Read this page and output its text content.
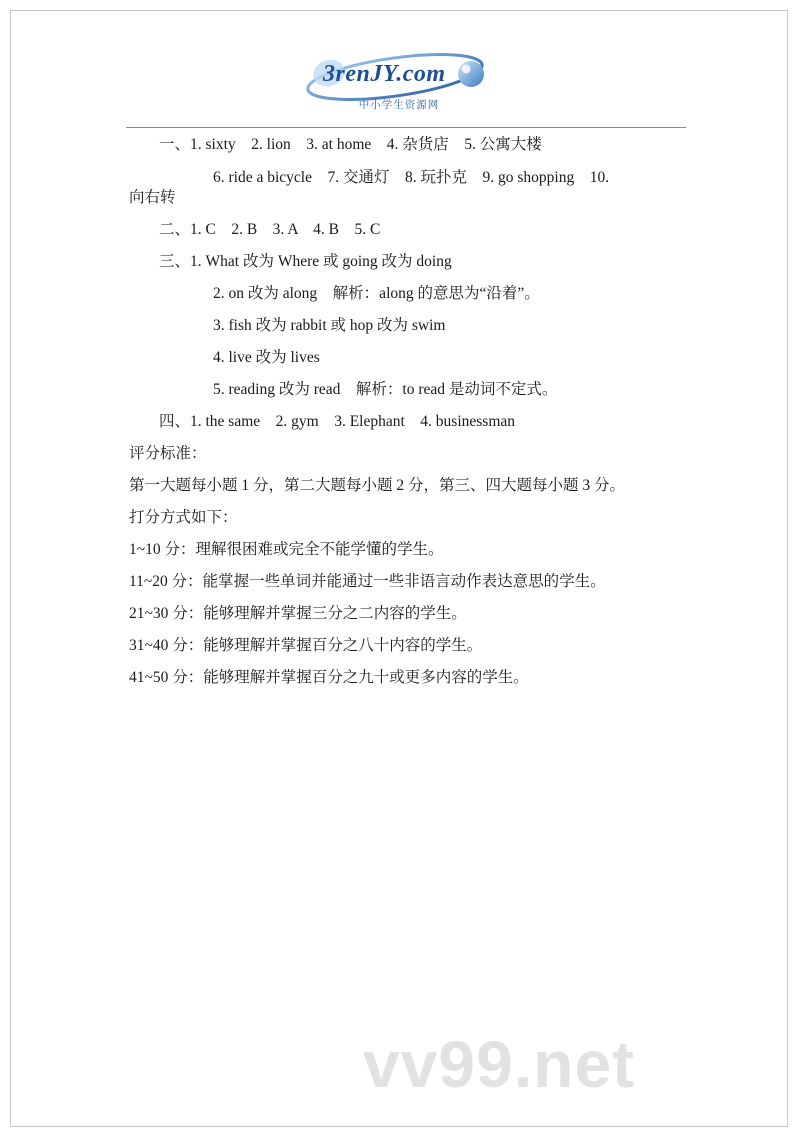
3renJY.com
中小学生资源网
一、1. sixty    2. lion    3. at home    4. 杂货店    5. 公寓大楼
6. ride a bicycle    7. 交通灯    8. 玩扑克    9. go shopping    10.
向右转
二、1. C    2. B    3. A    4. B    5. C
三、1. What 改为 Where 或 going 改为 doing
2. on 改为 along    解析：along 的意思为“沿着”。
3. fish 改为 rabbit 或 hop 改为 swim
4. live 改为 lives
5. reading 改为 read    解析：to read 是动词不定式。
四、1. the same    2. gym    3. Elephant    4. businessman
评分标准：
第一大题每小题 1 分，第二大题每小题 2 分，第三、四大题每小题 3 分。
打分方式如下：
1~10 分：理解很困难或完全不能学懂的学生。
11~20 分：能掌握一些单词并能通过一些非语言动作表达意思的学生。
21~30 分：能够理解并掌握三分之二内容的学生。
31~40 分：能够理解并掌握百分之八十内容的学生。
41~50 分：能够理解并掌握百分之九十或更多内容的学生。
vv99.net
